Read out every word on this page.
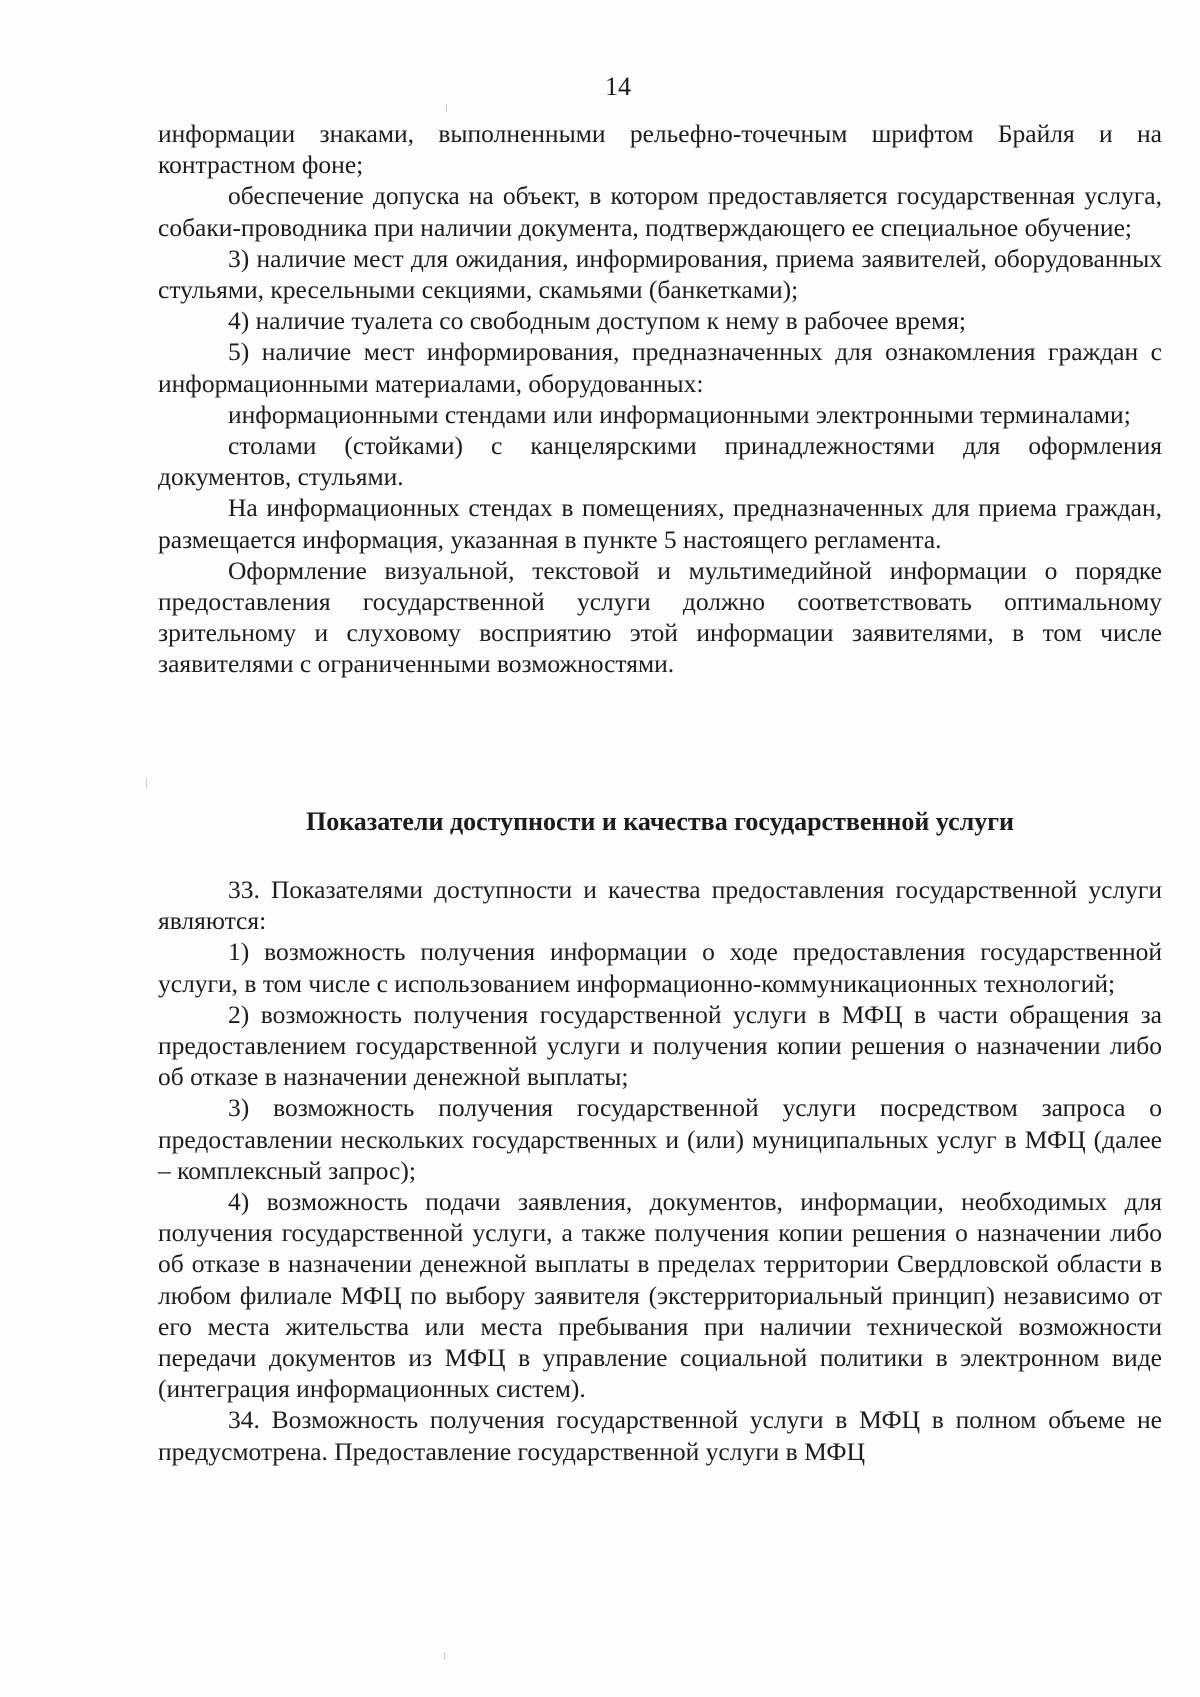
14

информации знаками, выполненными рельефно-точечным шрифтом Брайля и на контрастном фоне;

обеспечение допуска на объект, в котором предоставляется государственная услуга, собаки-проводника при наличии документа, подтверждающего ее специальное обучение;

3) наличие мест для ожидания, информирования, приема заявителей, оборудованных стульями, кресельными секциями, скамьями (банкетками);

4) наличие туалета со свободным доступом к нему в рабочее время;

5) наличие мест информирования, предназначенных для ознакомления граждан с информационными материалами, оборудованных:

информационными стендами или информационными электронными терминалами;

столами (стойками) с канцелярскими принадлежностями для оформления документов, стульями.

На информационных стендах в помещениях, предназначенных для приема граждан, размещается информация, указанная в пункте 5 настоящего регламента.

Оформление визуальной, текстовой и мультимедийной информации о порядке предоставления государственной услуги должно соответствовать оптимальному зрительному и слуховому восприятию этой информации заявителями, в том числе заявителями с ограниченными возможностями.

Показатели доступности и качества государственной услуги

33. Показателями доступности и качества предоставления государственной услуги являются:

1) возможность получения информации о ходе предоставления государственной услуги, в том числе с использованием информационно-коммуникационных технологий;

2) возможность получения государственной услуги в МФЦ в части обращения за предоставлением государственной услуги и получения копии решения о назначении либо об отказе в назначении денежной выплаты;

3) возможность получения государственной услуги посредством запроса о предоставлении нескольких государственных и (или) муниципальных услуг в МФЦ (далее – комплексный запрос);

4) возможность подачи заявления, документов, информации, необходимых для получения государственной услуги, а также получения копии решения о назначении либо об отказе в назначении денежной выплаты в пределах территории Свердловской области в любом филиале МФЦ по выбору заявителя (экстерриториальный принцип) независимо от его места жительства или места пребывания при наличии технической возможности передачи документов из МФЦ в управление социальной политики в электронном виде (интеграция информационных систем).

34. Возможность получения государственной услуги в МФЦ в полном объеме не предусмотрена. Предоставление государственной услуги в МФЦ
